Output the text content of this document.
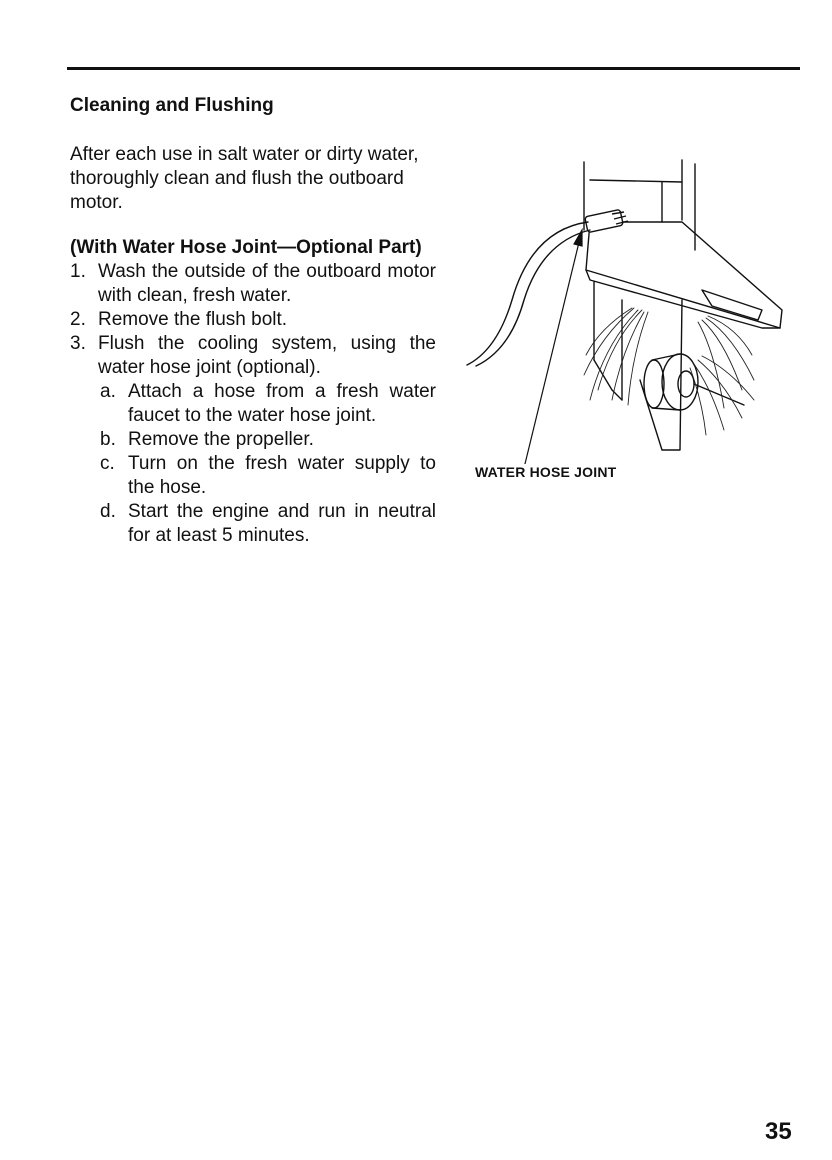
Cleaning and Flushing

After each use in salt water or dirty water, thoroughly clean and flush the outboard motor.

(With Water Hose Joint—Optional Part)

1. Wash the outside of the outboard motor with clean, fresh water.
2. Remove the flush bolt.
3. Flush the cooling system, using the water hose joint (optional).
a. Attach a hose from a fresh water faucet to the water hose joint.
b. Remove the propeller.
c. Turn on the fresh water supply to the hose.
d. Start the engine and run in neutral for at least 5 minutes.
WATER HOSE JOINT
35
